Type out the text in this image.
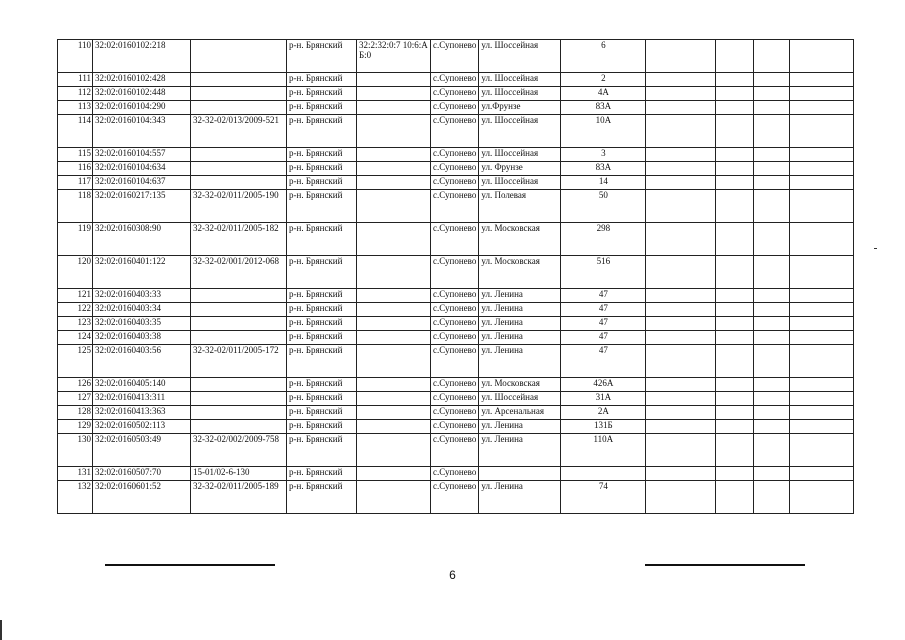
110	32:02:0160102:218		р-н. Брянский	32:2:32:0:7 10:6:АБ:0	с.Супонево	ул. Шоссейная	6				
111	32:02:0160102:428		р-н. Брянский		с.Супонево	ул. Шоссейная	2				
112	32:02:0160102:448		р-н. Брянский		с.Супонево	ул. Шоссейная	4А				
113	32:02:0160104:290		р-н. Брянский		с.Супонево	ул.Фрунзе	83А				
114	32:02:0160104:343	32-32-02/013/2009-521	р-н. Брянский		с.Супонево	ул. Шоссейная	10А				
115	32:02:0160104:557		р-н. Брянский		с.Супонево	ул. Шоссейная	3				
116	32:02:0160104:634		р-н. Брянский		с.Супонево	ул. Фрунзе	83А				
117	32:02:0160104:637		р-н. Брянский		с.Супонево	ул. Шоссейная	14				
118	32:02:0160217:135	32-32-02/011/2005-190	р-н. Брянский		с.Супонево	ул. Полевая	50				
119	32:02:0160308:90	32-32-02/011/2005-182	р-н. Брянский		с.Супонево	ул. Московская	298				
120	32:02:0160401:122	32-32-02/001/2012-068	р-н. Брянский		с.Супонево	ул. Московская	516				
121	32:02:0160403:33		р-н. Брянский		с.Супонево	ул. Ленина	47				
122	32:02:0160403:34		р-н. Брянский		с.Супонево	ул. Ленина	47				
123	32:02:0160403:35		р-н. Брянский		с.Супонево	ул. Ленина	47				
124	32:02:0160403:38		р-н. Брянский		с.Супонево	ул. Ленина	47				
125	32:02:0160403:56	32-32-02/011/2005-172	р-н. Брянский		с.Супонево	ул. Ленина	47				
126	32:02:0160405:140		р-н. Брянский		с.Супонево	ул. Московская	426А				
127	32:02:0160413:311		р-н. Брянский		с.Супонево	ул. Шоссейная	31А				
128	32:02:0160413:363		р-н. Брянский		с.Супонево	ул. Арсенальная	2А				
129	32:02:0160502:113		р-н. Брянский		с.Супонево	ул. Ленина	131Б				
130	32:02:0160503:49	32-32-02/002/2009-758	р-н. Брянский		с.Супонево	ул. Ленина	110А				
131	32:02:0160507:70	15-01/02-6-130	р-н. Брянский		с.Супонево						
132	32:02:0160601:52	32-32-02/011/2005-189	р-н. Брянский		с.Супонево	ул. Ленина	74				
6
